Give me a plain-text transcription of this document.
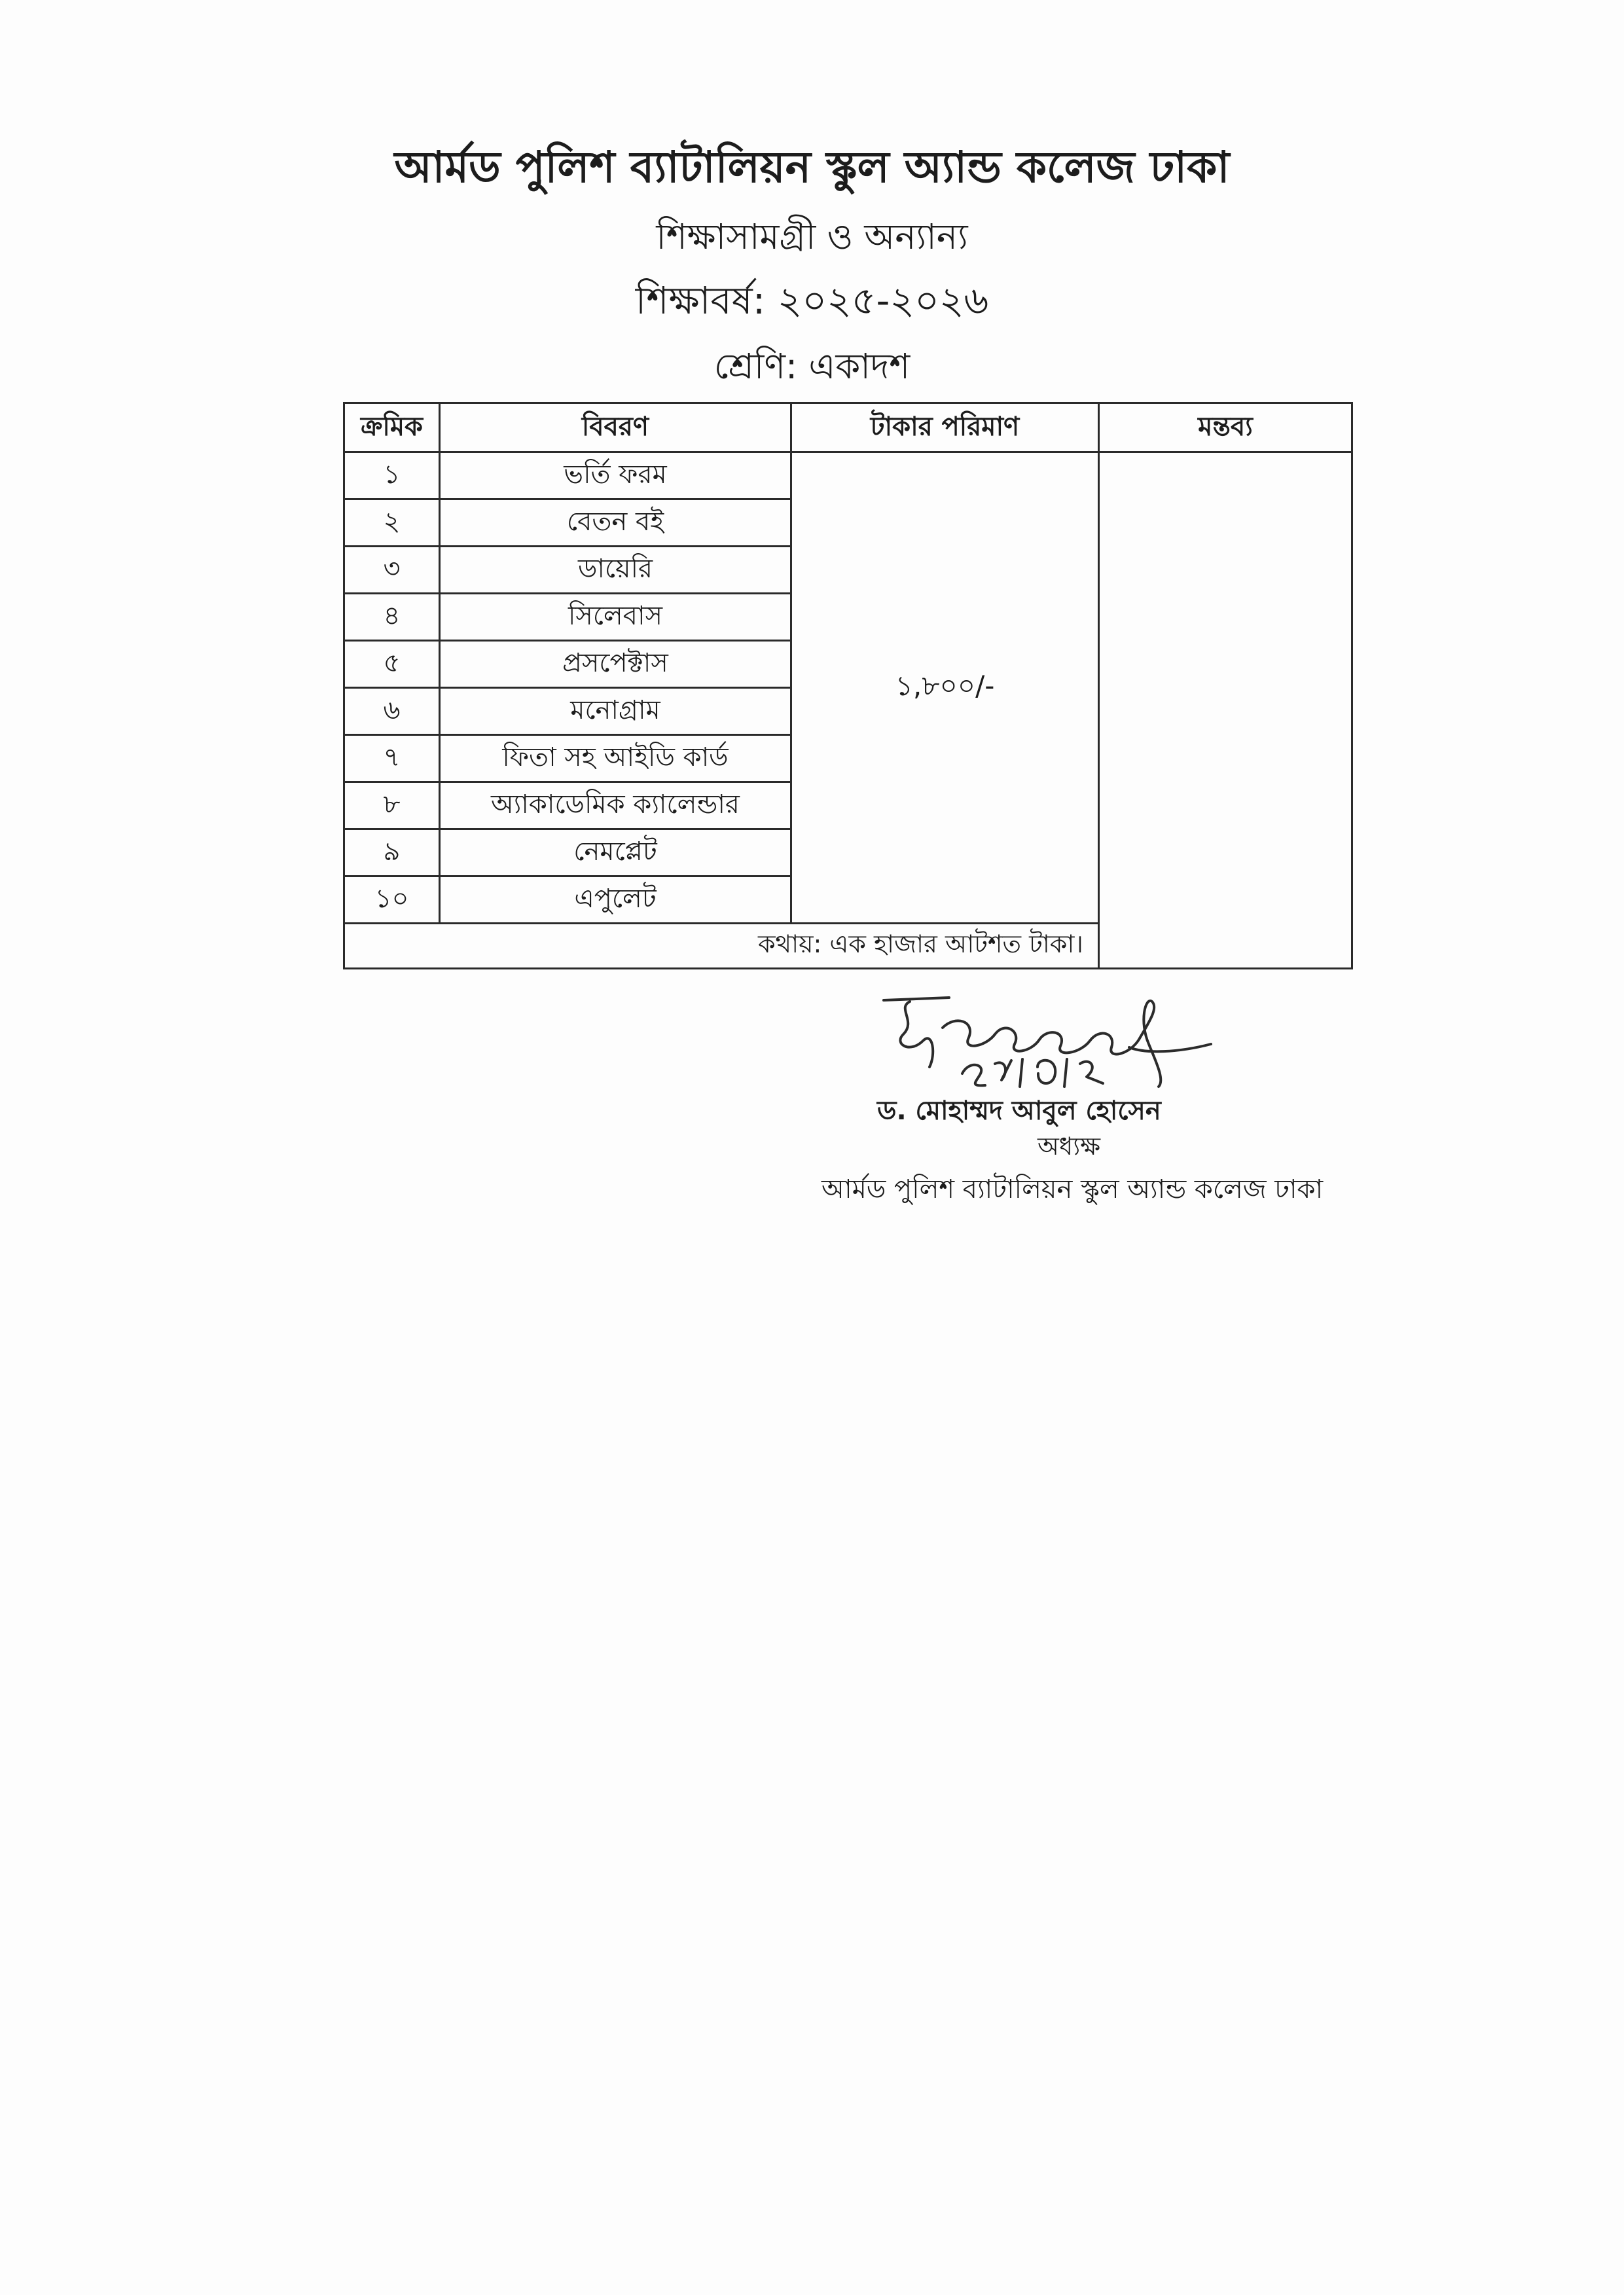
আর্মড পুলিশ ব্যাটালিয়ন স্কুল অ্যান্ড কলেজ ঢাকা
শিক্ষাসামগ্রী ও অন্যান্য
শিক্ষাবর্ষ: ২০২৫-২০২৬
শ্রেণি: একাদশ
ক্রমিক	বিবরণ	টাকার পরিমাণ	মন্তব্য
১	ভর্তি ফরম	১,৮০০/-	
২	বেতন বই		
৩	ডায়েরি		
৪	সিলেবাস		
৫	প্রসপেক্টাস		
৬	মনোগ্রাম		
৭	ফিতা সহ আইডি কার্ড		
৮	অ্যাকাডেমিক ক্যালেন্ডার		
৯	নেমপ্লেট		
১০	এপুলেট		
কথায়: এক হাজার আটশত টাকা।			
ড. মোহাম্মদ আবুল হোসেন
অধ্যক্ষ
আর্মড পুলিশ ব্যাটালিয়ন স্কুল অ্যান্ড কলেজ ঢাকা
